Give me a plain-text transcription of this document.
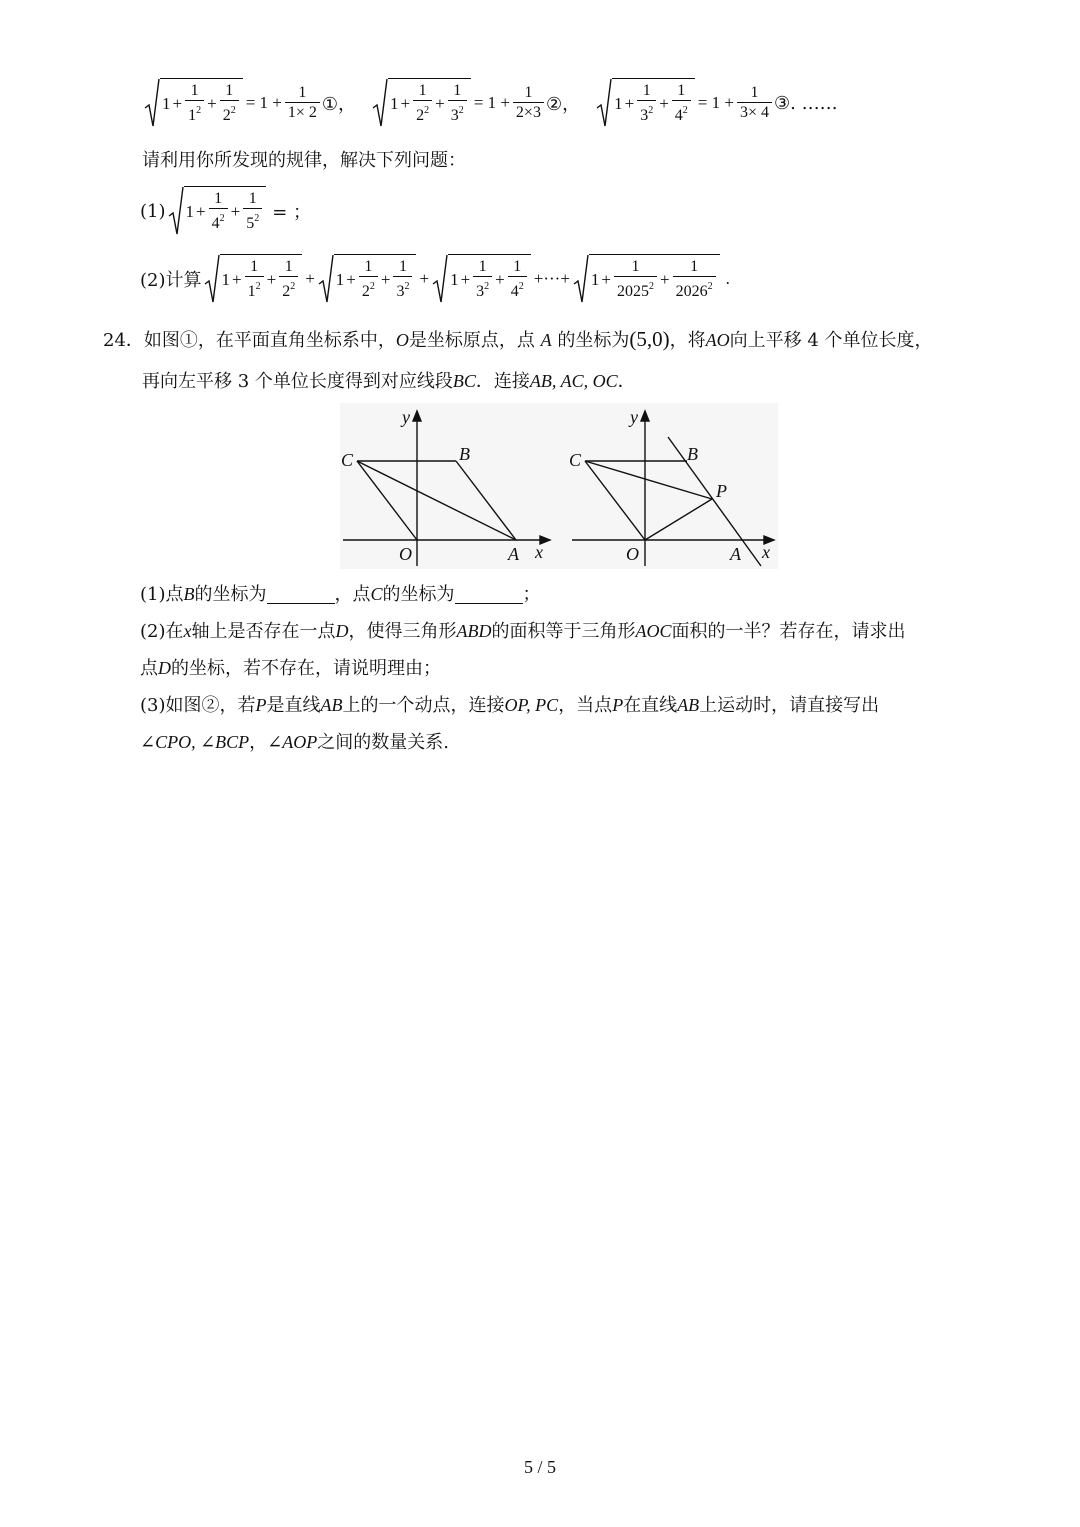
$1 + \frac{1}{1^2} + \frac{1}{2^2} = 1 + \frac{1}{1\times 2}$ ①， $1 + \frac{1}{2^2} + \frac{1}{3^2} = 1 + \frac{1}{2\times 3}$ ②， $1 + \frac{1}{3^2} + \frac{1}{4^2} = 1 + \frac{1}{3\times 4}$ ③. ……
请利用你所发现的规律，解决下列问题：
(1) $1 + \frac{1}{4^2} + \frac{1}{5^2}$ = ；
(2)计算 $1 + \frac{1}{1^2} + \frac{1}{2^2} + 1 + \frac{1}{2^2} + \frac{1}{3^2} + 1 + \frac{1}{3^2} + \frac{1}{4^2}$ +···+ $1 + \frac{1}{2025^2} + \frac{1}{2026^2}$ .
24．如图①，在平面直角坐标系中，O是坐标原点，点 A 的坐标为(5,0)，将AO向上平移 4 个单位长度，
再向左平移 3 个单位长度得到对应线段BC．连接AB, AC, OC．
C	B
O	A x
y
C	B
P
O	A x
y
(1)点B的坐标为	，点C的坐标为	；
(2)在x轴上是否存在一点D，使得三角形ABD的面积等于三角形AOC面积的一半？若存在，请求出
点D的坐标，若不存在，请说明理由；
(3)如图②，若P是直线AB上的一个动点，连接OP, PC，当点P在直线AB上运动时，请直接写出
∠CPO, ∠BCP，∠AOP之间的数量关系.
5 / 5
